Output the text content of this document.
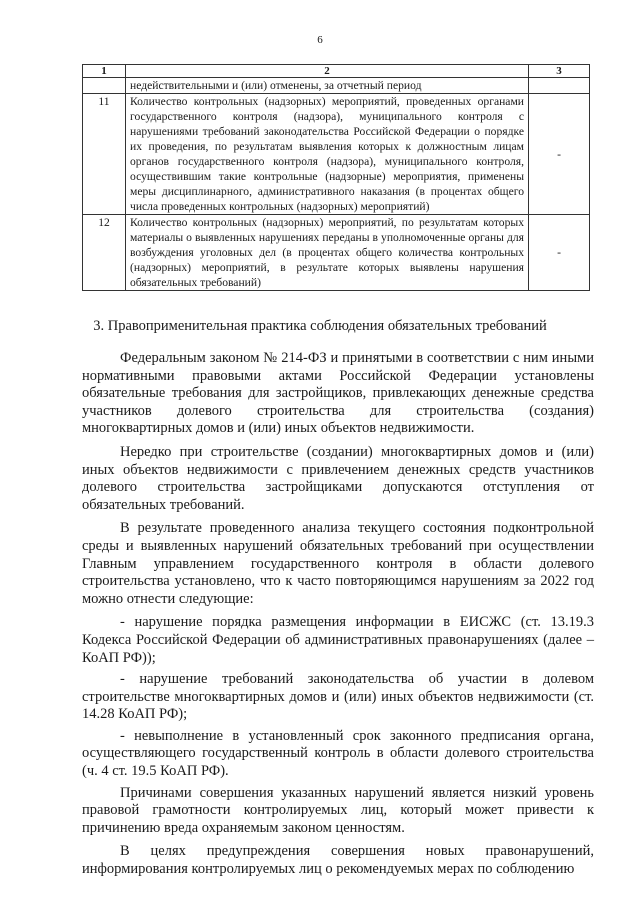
6
1	2	3
	недействительными и (или) отменены, за отчетный период	
11	Количество контрольных (надзорных) мероприятий, проведенных органами государственного контроля (надзора), муниципального контроля с нарушениями требований законодательства Российской Федерации о порядке их проведения, по результатам выявления которых к должностным лицам органов государственного контроля (надзора), муниципального контроля, осуществившим такие контрольные (надзорные) мероприятия, применены меры дисциплинарного, административного наказания (в процентах общего числа проведенных контрольных (надзорных) мероприятий)	-
12	Количество контрольных (надзорных) мероприятий, по результатам которых материалы о выявленных нарушениях переданы в уполномоченные органы для возбуждения уголовных дел (в процентах общего количества контрольных (надзорных) мероприятий, в результате которых выявлены нарушения обязательных требований)	-
3. Правоприменительная практика соблюдения обязательных требований

Федеральным законом № 214-ФЗ и принятыми в соответствии с ним иными нормативными правовыми актами Российской Федерации установлены обязательные требования для застройщиков, привлекающих денежные средства участников долевого строительства для строительства (создания) многоквартирных домов и (или) иных объектов недвижимости.

Нередко при строительстве (создании) многоквартирных домов и (или) иных объектов недвижимости с привлечением денежных средств участников долевого строительства застройщиками допускаются отступления от обязательных требований.

В результате проведенного анализа текущего состояния подконтрольной среды и выявленных нарушений обязательных требований при осуществлении Главным управлением государственного контроля в области долевого строительства установлено, что к часто повторяющимся нарушениям за 2022 год можно отнести следующие:

- нарушение порядка размещения информации в ЕИСЖС (ст. 13.19.3 Кодекса Российской Федерации об административных правонарушениях (далее – КоАП РФ));

- нарушение требований законодательства об участии в долевом строительстве многоквартирных домов и (или) иных объектов недвижимости (ст. 14.28 КоАП РФ);

- невыполнение в установленный срок законного предписания органа, осуществляющего государственный контроль в области долевого строительства (ч. 4 ст. 19.5 КоАП РФ).

Причинами совершения указанных нарушений является низкий уровень правовой грамотности контролируемых лиц, который может привести к причинению вреда охраняемым законом ценностям.

В целях предупреждения совершения новых правонарушений, информирования контролируемых лиц о рекомендуемых мерах по соблюдению
